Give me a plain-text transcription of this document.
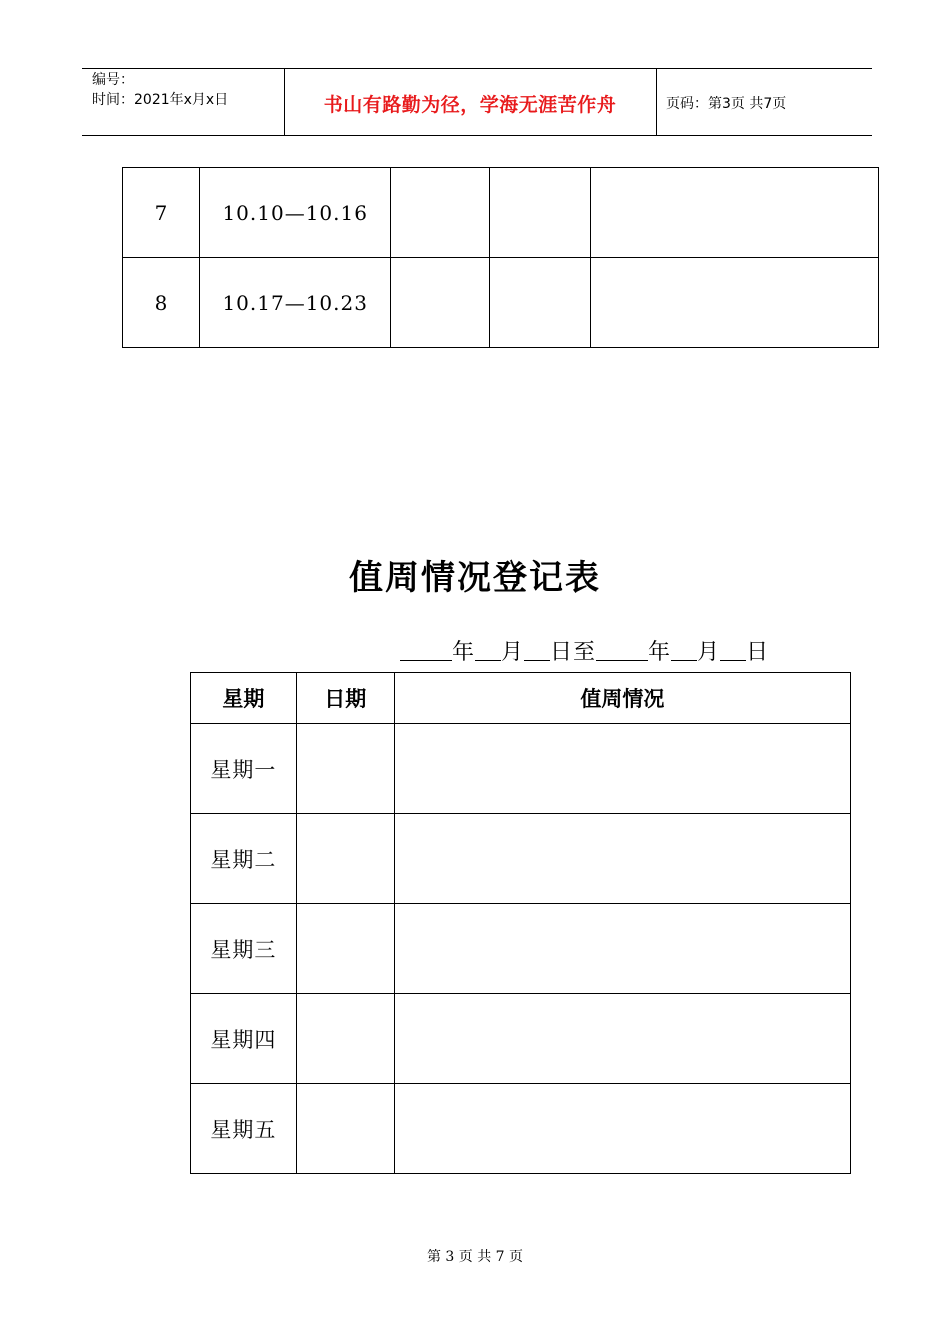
编号：
时间：2021年x月x日	书山有路勤为径，学海无涯苦作舟	页码：第3页 共7页
7	10.10—10.16			
8	10.17—10.23			
值周情况登记表
年 月 日至 年 月 日
星期	日期	值周情况
星期一		
星期二		
星期三		
星期四		
星期五		
第 3 页 共 7 页
